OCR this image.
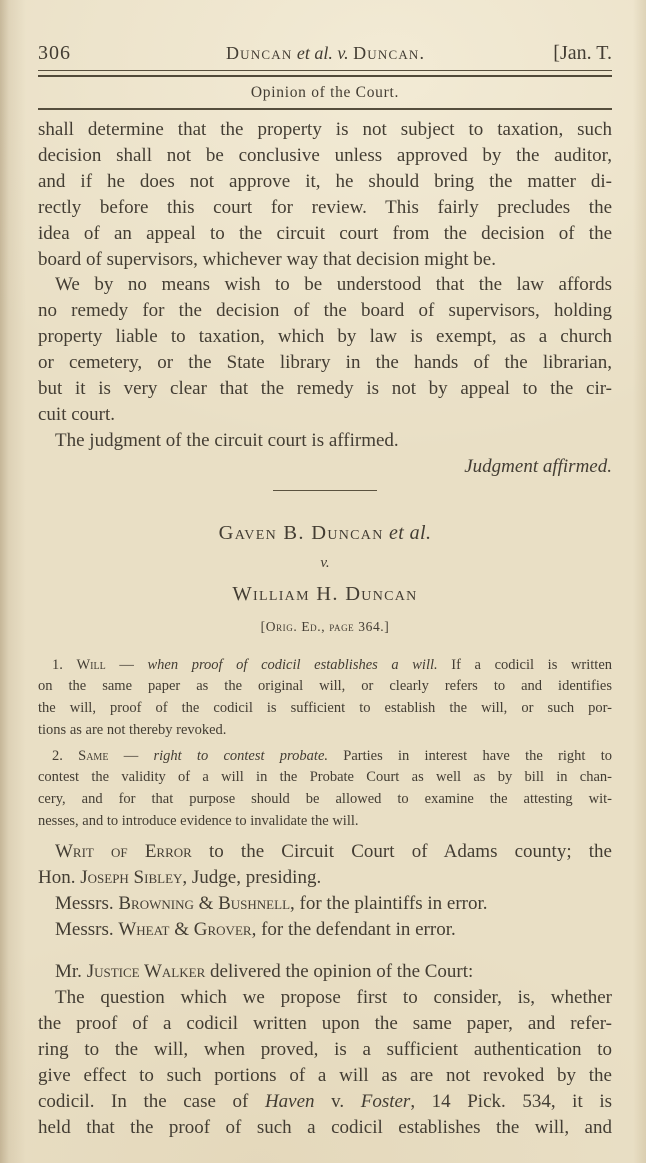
306	Duncan et al. v. Duncan.	[Jan. T.
Opinion of the Court.
shall determine that the property is not subject to taxation, such
decision shall not be conclusive unless approved by the auditor,
and if he does not approve it, he should bring the matter di-
rectly before this court for review. This fairly precludes the
idea of an appeal to the circuit court from the decision of the
board of supervisors, whichever way that decision might be.
We by no means wish to be understood that the law affords
no remedy for the decision of the board of supervisors, holding
property liable to taxation, which by law is exempt, as a church
or cemetery, or the State library in the hands of the librarian,
but it is very clear that the remedy is not by appeal to the cir-
cuit court.
The judgment of the circuit court is affirmed.
Judgment affirmed.
Gaven B. Duncan et al.
v.
William H. Duncan
[Orig. Ed., page 364.]
1. Will — when proof of codicil establishes a will. If a codicil is written
on the same paper as the original will, or clearly refers to and identifies
the will, proof of the codicil is sufficient to establish the will, or such por-
tions as are not thereby revoked.
2. Same — right to contest probate. Parties in interest have the right to
contest the validity of a will in the Probate Court as well as by bill in chan-
cery, and for that purpose should be allowed to examine the attesting wit-
nesses, and to introduce evidence to invalidate the will.
Writ of Error to the Circuit Court of Adams county; the
Hon. Joseph Sibley, Judge, presiding.
Messrs. Browning & Bushnell, for the plaintiffs in error.
Messrs. Wheat & Grover, for the defendant in error.
Mr. Justice Walker delivered the opinion of the Court:
The question which we propose first to consider, is, whether
the proof of a codicil written upon the same paper, and refer-
ring to the will, when proved, is a sufficient authentication to
give effect to such portions of a will as are not revoked by the
codicil. In the case of Haven v. Foster, 14 Pick. 534, it is
held that the proof of such a codicil establishes the will, and
